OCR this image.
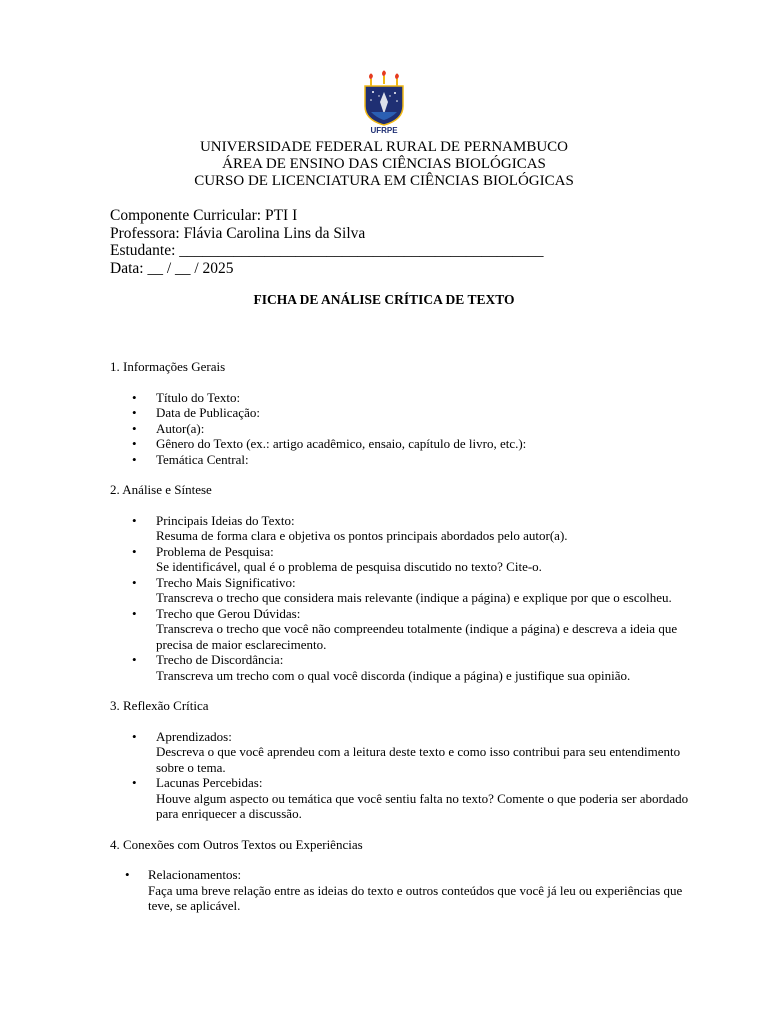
UFRPE
UNIVERSIDADE FEDERAL RURAL DE PERNAMBUCO
ÁREA DE ENSINO DAS CIÊNCIAS BIOLÓGICAS
CURSO DE LICENCIATURA EM CIÊNCIAS BIOLÓGICAS
Componente Curricular: PTI I
Professora: Flávia Carolina Lins da Silva
Estudante: _______________________________________________
Data: __ / __ / 2025
FICHA DE ANÁLISE CRÍTICA DE TEXTO

1. Informações Gerais

• Título do Texto:
• Data de Publicação:
• Autor(a):
• Gênero do Texto (ex.: artigo acadêmico, ensaio, capítulo de livro, etc.):
• Temática Central:

2. Análise e Síntese

• Principais Ideias do Texto:
Resuma de forma clara e objetiva os pontos principais abordados pelo autor(a).
• Problema de Pesquisa:
Se identificável, qual é o problema de pesquisa discutido no texto? Cite-o.
• Trecho Mais Significativo:
Transcreva o trecho que considera mais relevante (indique a página) e explique por que o escolheu.
• Trecho que Gerou Dúvidas:
Transcreva o trecho que você não compreendeu totalmente (indique a página) e descreva a ideia que precisa de maior esclarecimento.
• Trecho de Discordância:
Transcreva um trecho com o qual você discorda (indique a página) e justifique sua opinião.

3. Reflexão Crítica

• Aprendizados:
Descreva o que você aprendeu com a leitura deste texto e como isso contribui para seu entendimento sobre o tema.
• Lacunas Percebidas:
Houve algum aspecto ou temática que você sentiu falta no texto? Comente o que poderia ser abordado para enriquecer a discussão.

4. Conexões com Outros Textos ou Experiências

• Relacionamentos:
Faça uma breve relação entre as ideias do texto e outros conteúdos que você já leu ou experiências que teve, se aplicável.
